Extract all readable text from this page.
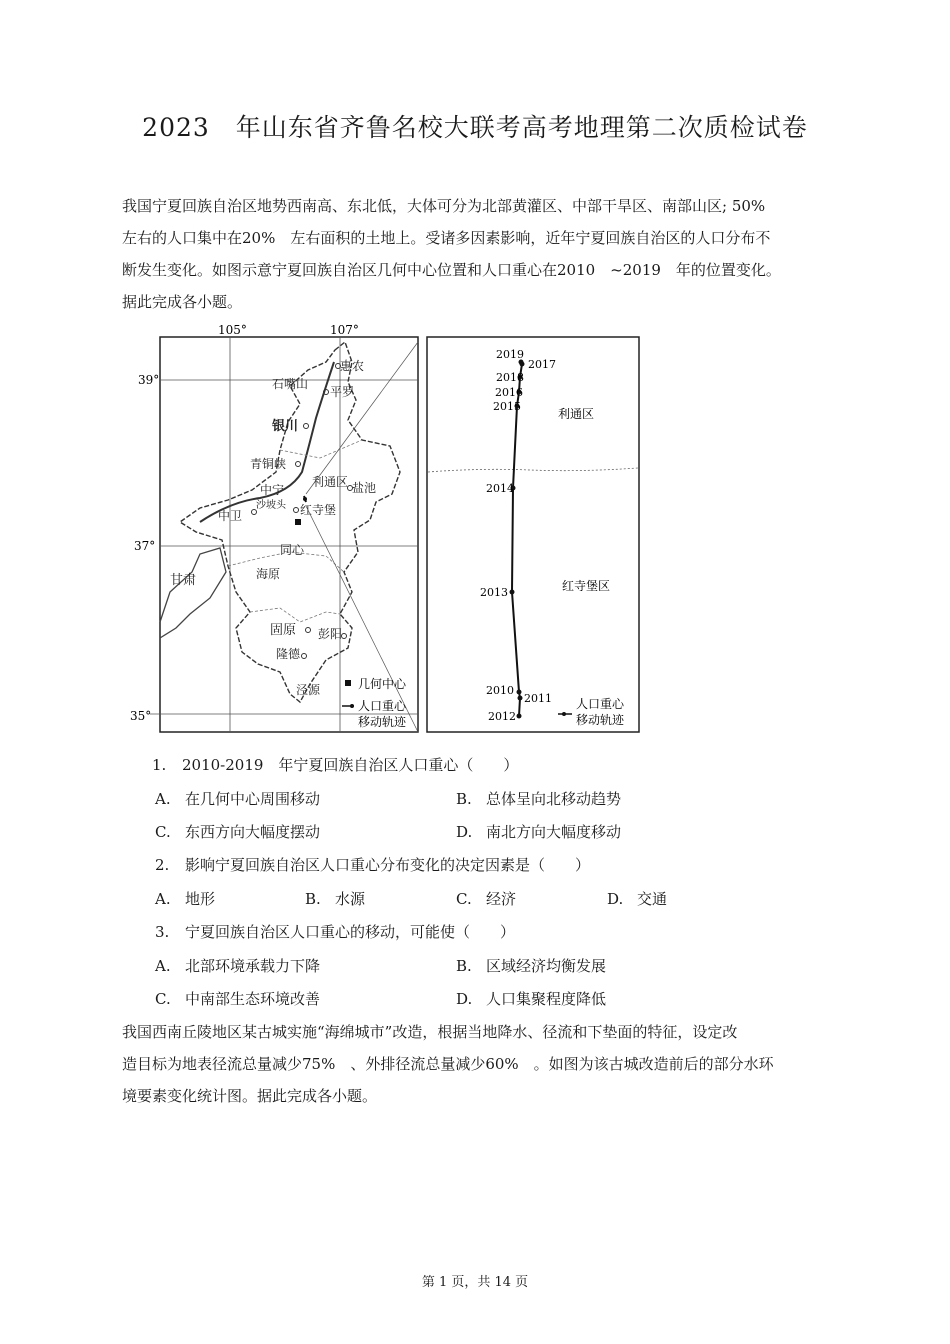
2023　年山东省齐鲁名校大联考高考地理第二次质检试卷
我国宁夏回族自治区地势西南高、东北低，大体可分为北部黄灌区、中部干旱区、南部山区; 50%
左右的人口集中在20%　左右面积的土地上。受诸多因素影响，近年宁夏回族自治区的人口分布不
断发生变化。如图示意宁夏回族自治区几何中心位置和人口重心在2010　~2019　年的位置变化。
据此完成各小题。
105°	107°
39°
37°
35°
惠农
石嘴山
平罗
银川
青铜峡
利通区 盐池
中宁
红寺堡
中卫
沙坡头
同心
海原
固原 彭阳
隆德
泾源
甘肃
几何中心
人口重心
移动轨迹
利通区
红寺堡区
2019
2017
2018
2016
2015
2014
2013
2010
2011
2012
人口重心
移动轨迹
1. 2010-2019　年宁夏回族自治区人口重心（　　）
A. 在几何中心周围移动	B. 总体呈向北移动趋势
C. 东西方向大幅度摆动	D. 南北方向大幅度移动
2. 影响宁夏回族自治区人口重心分布变化的决定因素是（　　）
A. 地形	B. 水源	C. 经济	D. 交通
3. 宁夏回族自治区人口重心的移动，可能使（　　）
A. 北部环境承载力下降	B. 区域经济均衡发展
C. 中南部生态环境改善	D. 人口集聚程度降低
我国西南丘陵地区某古城实施“海绵城市”改造，根据当地降水、径流和下垫面的特征，设定改
造目标为地表径流总量减少75%　、外排径流总量减少60%　。如图为该古城改造前后的部分水环
境要素变化统计图。据此完成各小题。
第 1 页，共 14 页
